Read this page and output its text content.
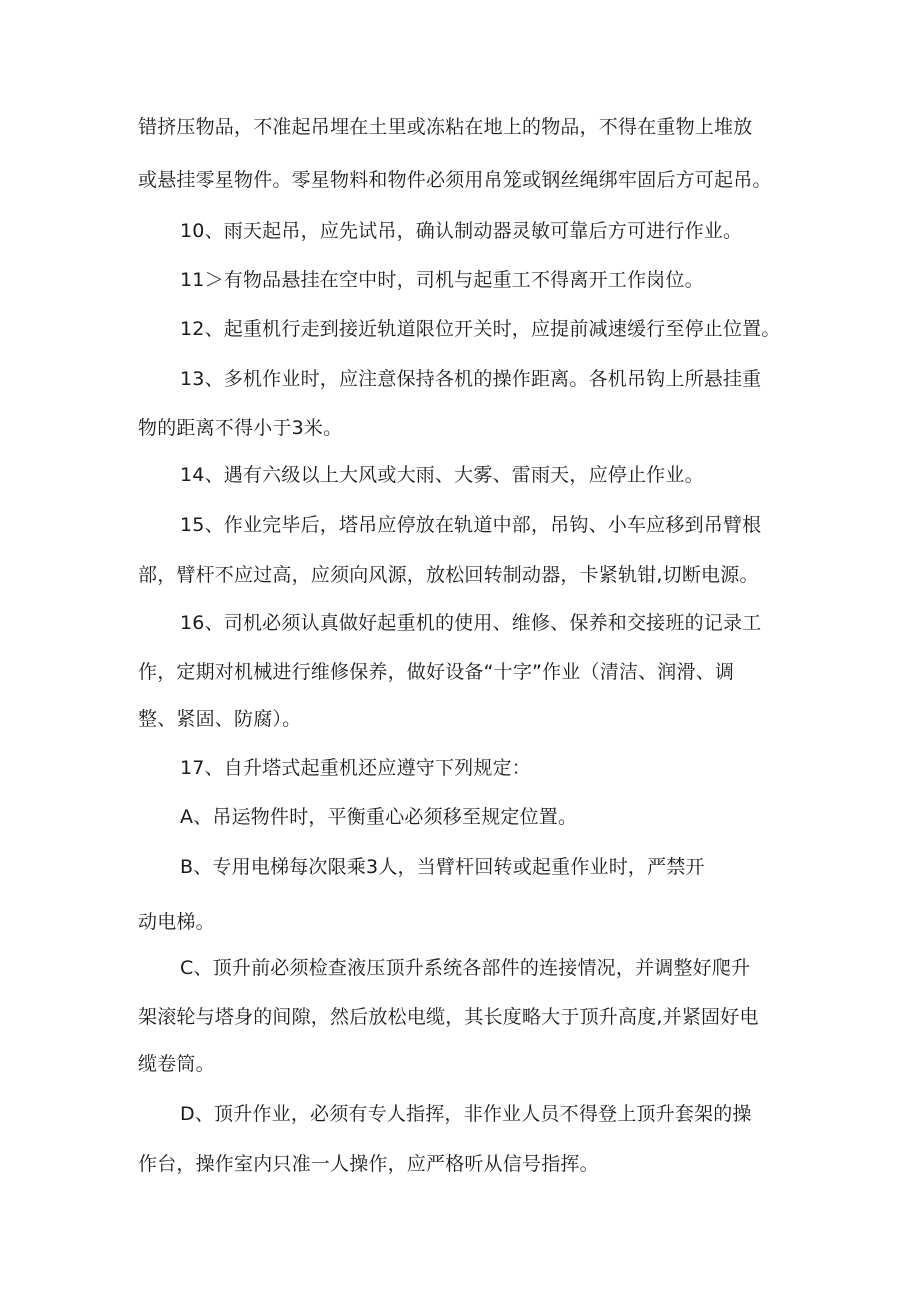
错挤压物品，不准起吊埋在土里或冻粘在地上的物品，不得在重物上堆放
或悬挂零星物件。零星物料和物件必须用帛笼或钢丝绳绑牢固后方可起吊。
10、雨天起吊，应先试吊，确认制动器灵敏可靠后方可进行作业。
11＞有物品悬挂在空中时，司机与起重工不得离开工作岗位。
12、起重机行走到接近轨道限位开关时，应提前减速缓行至停止位置。
13、多机作业时，应注意保持各机的操作距离。各机吊钩上所悬挂重
物的距离不得小于3米。
14、遇有六级以上大风或大雨、大雾、雷雨天，应停止作业。
15、作业完毕后，塔吊应停放在轨道中部，吊钩、小车应移到吊臂根
部，臂杆不应过高，应须向风源，放松回转制动器，卡紧轨钳,切断电源。
16、司机必须认真做好起重机的使用、维修、保养和交接班的记录工
作，定期对机械进行维修保养，做好设备“十字”作业（清洁、润滑、调
整、紧固、防腐）。
17、自升塔式起重机还应遵守下列规定：
A、吊运物件时，平衡重心必须移至规定位置。
B、专用电梯每次限乘3人，当臂杆回转或起重作业时，严禁开
动电梯。
C、顶升前必须检查液压顶升系统各部件的连接情况，并调整好爬升
架滚轮与塔身的间隙，然后放松电缆，其长度略大于顶升高度,并紧固好电
缆卷筒。
D、顶升作业，必须有专人指挥，非作业人员不得登上顶升套架的操
作台，操作室内只准一人操作，应严格听从信号指挥。
